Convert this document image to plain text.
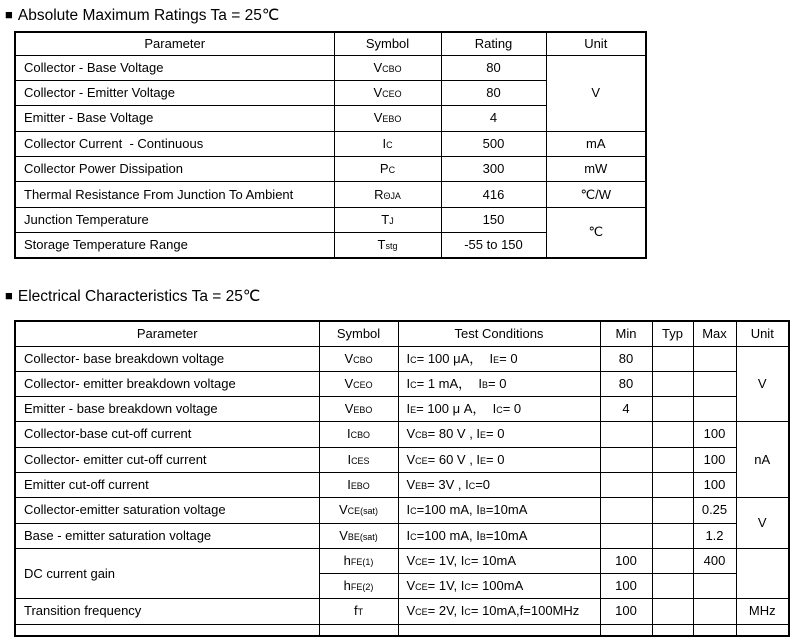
■ Absolute Maximum Ratings Ta = 25℃
Parameter	Symbol	Rating	Unit
Collector - Base Voltage	VCBO	80	V
Collector - Emitter Voltage	VCEO	80	
Emitter - Base Voltage	VEBO	4	
Collector Current  - Continuous	IC	500	mA
Collector Power Dissipation	PC	300	mW
Thermal Resistance From Junction To Ambient	RΘJA	416	℃/W
Junction Temperature	TJ	150	℃
Storage Temperature Range	Tstg	-55 to 150	
■ Electrical Characteristics Ta = 25℃
Parameter	Symbol	Test Conditions	Min	Typ	Max	Unit
Collector- base breakdown voltage	VCBO	IC= 100 μA，  IE= 0	80			V
Collector- emitter breakdown voltage	VCEO	IC= 1 mA，  IB= 0	80			
Emitter - base breakdown voltage	VEBO	IE= 100 μ A，  IC= 0	4			
Collector-base cut-off current	ICBO	VCB= 80 V , IE= 0			100	nA
Collector- emitter cut-off current	ICES	VCE= 60 V , IE= 0			100	
Emitter cut-off current	IEBO	VEB= 3V , IC=0			100	
Collector-emitter saturation voltage	VCE(sat)	IC=100 mA, IB=10mA			0.25	V
Base - emitter saturation voltage	VBE(sat)	IC=100 mA, IB=10mA			1.2	
DC current gain	hFE(1)	VCE= 1V, IC= 10mA	100		400	
	hFE(2)	VCE= 1V, IC= 100mA	100			
Transition frequency	fT	VCE= 2V, IC= 10mA,f=100MHz	100			MHz
